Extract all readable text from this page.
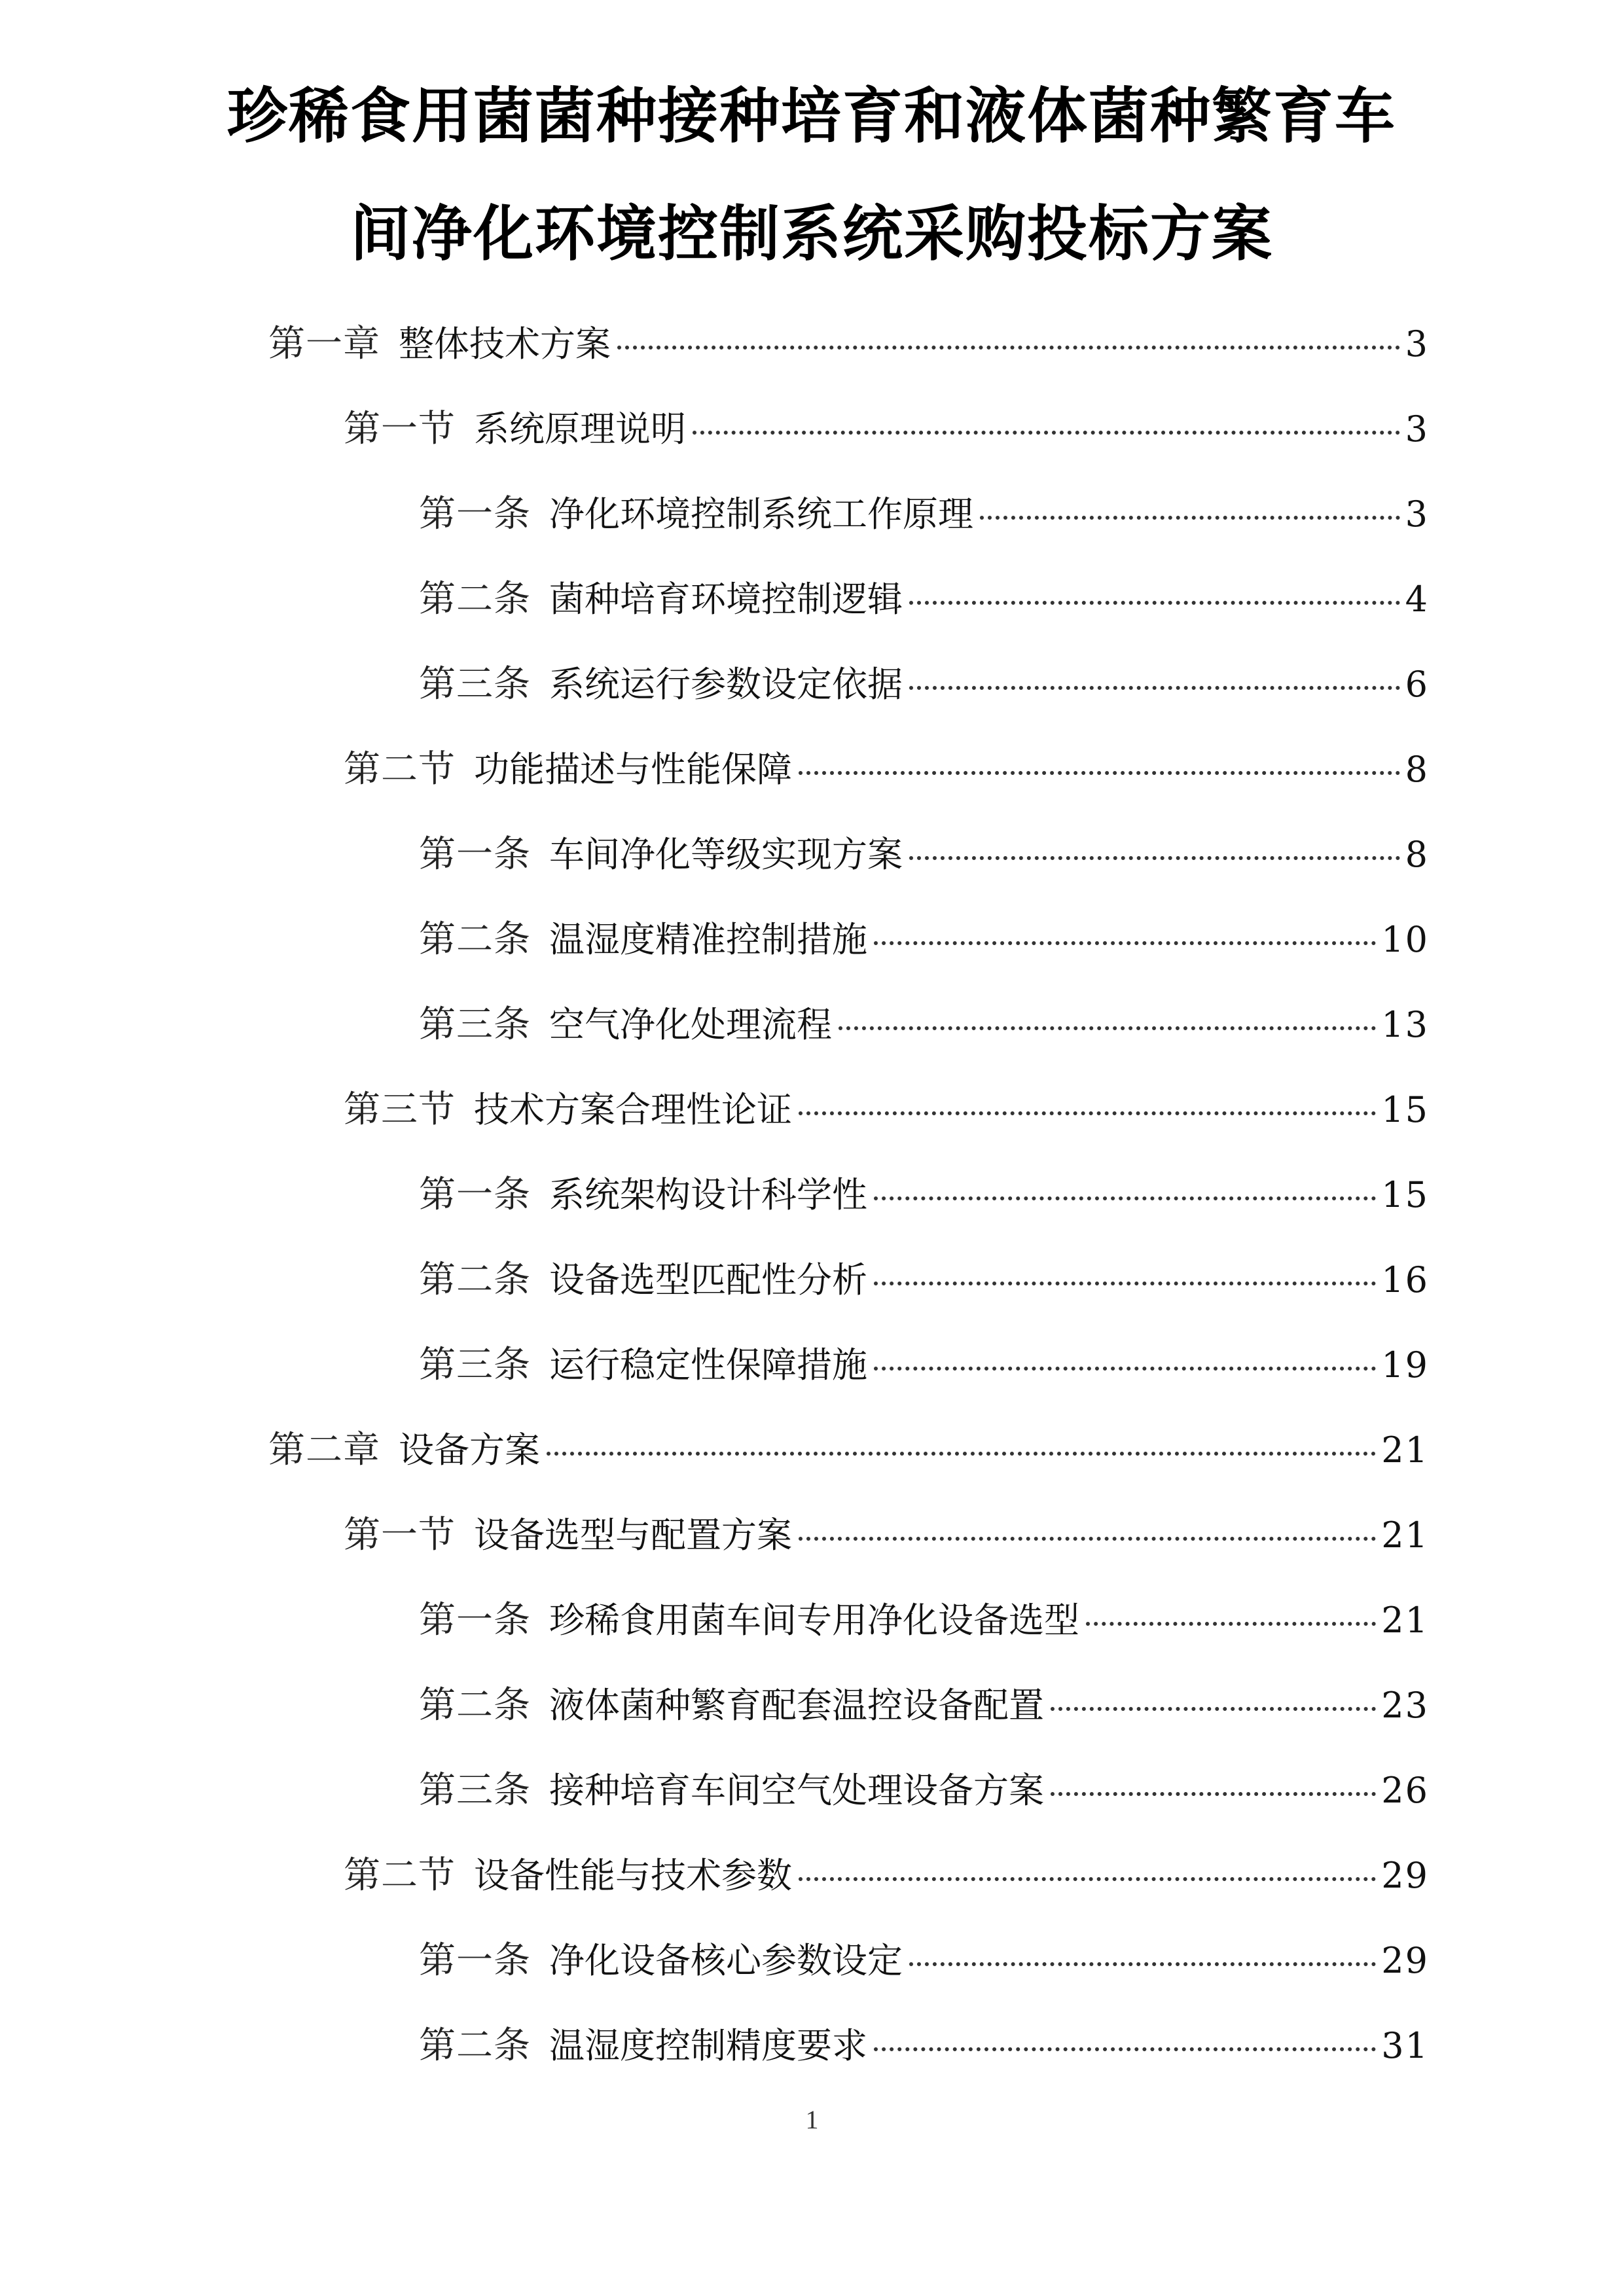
珍稀食用菌菌种接种培育和液体菌种繁育车
间净化环境控制系统采购投标方案
第一章 整体技术方案	3
第一节 系统原理说明	3
第一条 净化环境控制系统工作原理	3
第二条 菌种培育环境控制逻辑	4
第三条 系统运行参数设定依据	6
第二节 功能描述与性能保障	8
第一条 车间净化等级实现方案	8
第二条 温湿度精准控制措施	10
第三条 空气净化处理流程	13
第三节 技术方案合理性论证	15
第一条 系统架构设计科学性	15
第二条 设备选型匹配性分析	16
第三条 运行稳定性保障措施	19
第二章 设备方案	21
第一节 设备选型与配置方案	21
第一条 珍稀食用菌车间专用净化设备选型	21
第二条 液体菌种繁育配套温控设备配置	23
第三条 接种培育车间空气处理设备方案	26
第二节 设备性能与技术参数	29
第一条 净化设备核心参数设定	29
第二条 温湿度控制精度要求	31
1
